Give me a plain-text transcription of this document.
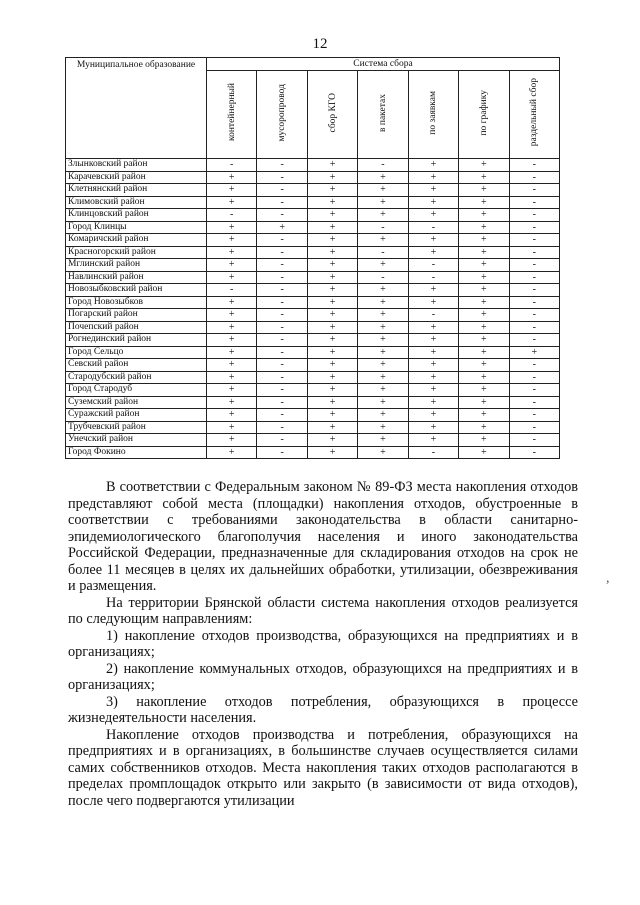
12
Муниципальное образование	Система сбора						
	контейнерный	мусоропровод	сбор КГО	в пакетах	по заявкам	по графику	раздельный сбор
Злынковский район	-	-	+	-	+	+	-
Карачевский район	+	-	+	+	+	+	-
Клетнянский район	+	-	+	+	+	+	-
Климовский район	+	-	+	+	+	+	-
Клинцовский район	-	-	+	+	+	+	-
Город Клинцы	+	+	+	-	-	+	-
Комаричский район	+	-	+	+	+	+	-
Красногорский район	+	-	+	-	+	+	-
Мглинский район	+	-	+	+	-	+	-
Навлинский район	+	-	+	-	-	+	-
Новозыбковский район	-	-	+	+	+	+	-
Город Новозыбков	+	-	+	+	+	+	-
Погарский район	+	-	+	+	-	+	-
Почепский район	+	-	+	+	+	+	-
Рогнединский район	+	-	+	+	+	+	-
Город Сельцо	+	-	+	+	+	+	+
Севский район	+	-	+	+	+	+	-
Стародубский район	+	-	+	+	+	+	-
Город Стародуб	+	-	+	+	+	+	-
Суземский район	+	-	+	+	+	+	-
Суражский район	+	-	+	+	+	+	-
Трубчевский район	+	-	+	+	+	+	-
Унечский район	+	-	+	+	+	+	-
Город Фокино	+	-	+	+	-	+	-

В соответствии с Федеральным законом № 89-ФЗ места накопления отходов представляют собой места (площадки) накопления отходов, обустроенные в соответствии с требованиями законодательства в области санитарно-эпидемиологического благополучия населения и иного законодательства Российской Федерации, предназначенные для складирования отходов на срок не более 11 месяцев в целях их дальнейших обработки, утилизации, обезвреживания и размещения.

На территории Брянской области система накопления отходов реализуется по следующим направлениям:

1) накопление отходов производства, образующихся на предприятиях и в организациях;

2) накопление коммунальных отходов, образующихся на предприятиях и в организациях;

3) накопление отходов потребления, образующихся в процессе жизнедеятельности населения.

Накопление отходов производства и потребления, образующихся на предприятиях и в организациях, в большинстве случаев осуществляется силами самих собственников отходов. Места накопления таких отходов располагаются в пределах промплощадок открыто или закрыто (в зависимости от вида отходов), после чего подвергаются утилизации

,
